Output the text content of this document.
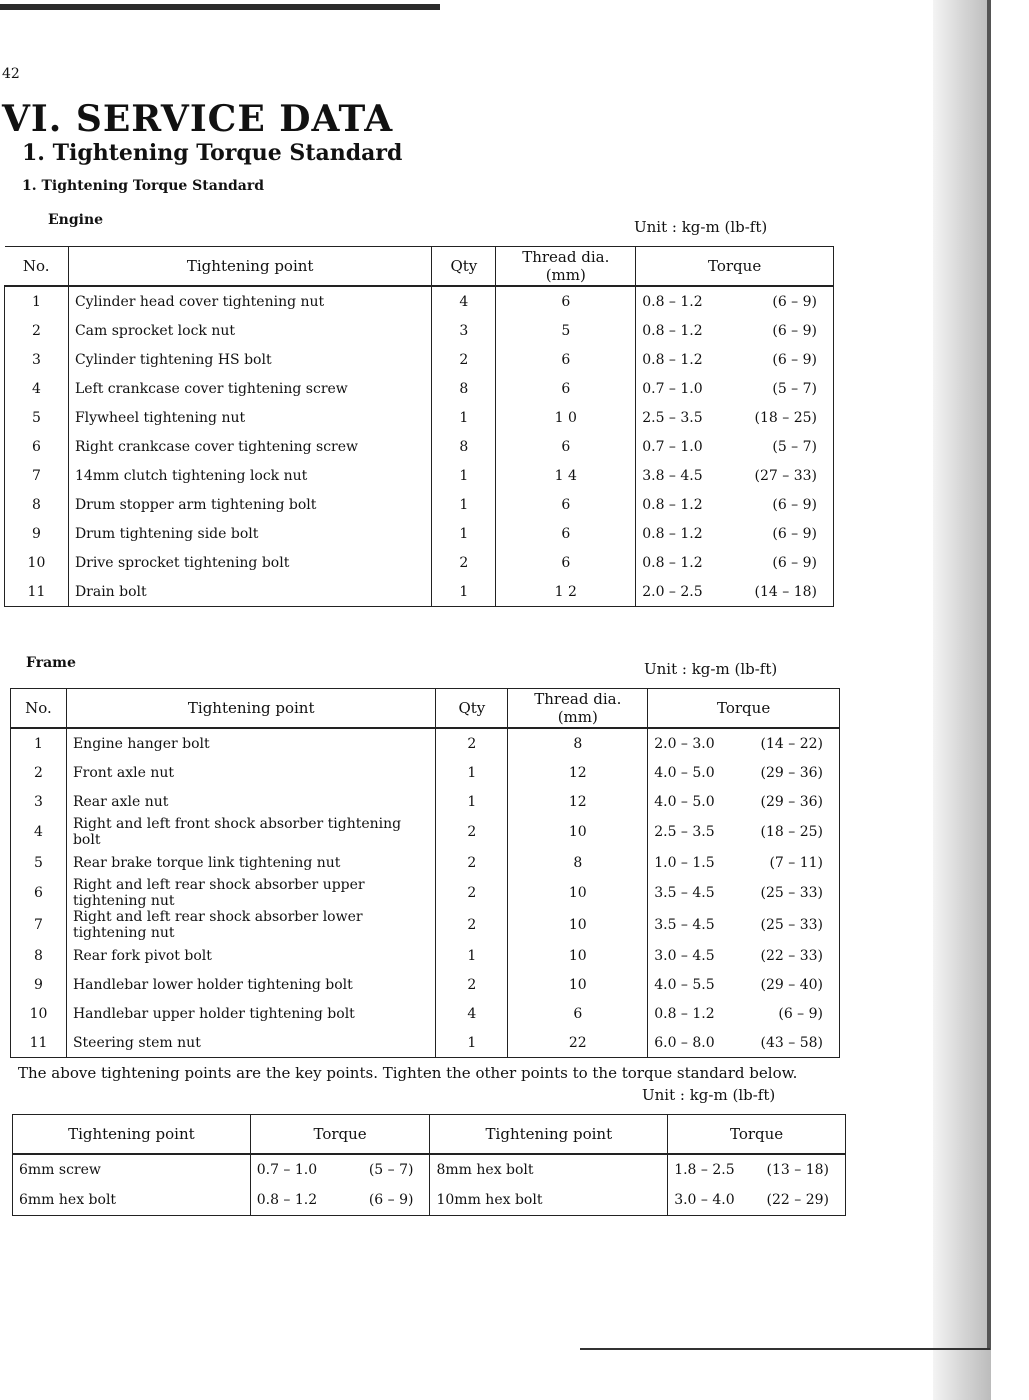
42
VI. SERVICE DATA
1. Tightening Torque Standard
1. Tightening Torque Standard
Engine	Unit : kg-m (lb-ft)
No.	Tightening point	Qty	Thread dia. (mm)	Torque
1	Cylinder head cover tightening nut	4	6	0.8 – 1.2 (6 – 9)

2	Cam sprocket lock nut	3	5	0.8 – 1.2 (6 – 9)

3	Cylinder tightening HS bolt	2	6	0.8 – 1.2 (6 – 9)

4	Left crankcase cover tightening screw	8	6	0.7 – 1.0 (5 – 7)

5	Flywheel tightening nut	1	1 0	2.5 – 3.5 (18 – 25)

6	Right crankcase cover tightening screw	8	6	0.7 – 1.0 (5 – 7)

7	14mm clutch tightening lock nut	1	1 4	3.8 – 4.5 (27 – 33)

8	Drum stopper arm tightening bolt	1	6	0.8 – 1.2 (6 – 9)

9	Drum tightening side bolt	1	6	0.8 – 1.2 (6 – 9)

10	Drive sprocket tightening bolt	2	6	0.8 – 1.2 (6 – 9)

11	Drain bolt	1	1 2	2.0 – 2.5 (14 – 18)
Frame	Unit : kg-m (lb-ft)
No.	Tightening point	Qty	Thread dia. (mm)	Torque
1	Engine hanger bolt	2	8	2.0 – 3.0 (14 – 22)

2	Front axle nut	1	12	4.0 – 5.0 (29 – 36)

3	Rear axle nut	1	12	4.0 – 5.0 (29 – 36)

4	Right and left front shock absorber tightening bolt	2	10	2.5 – 3.5 (18 – 25)

5	Rear brake torque link tightening nut	2	8	1.0 – 1.5 (7 – 11)

6	Right and left rear shock absorber upper tightening nut	2	10	3.5 – 4.5 (25 – 33)

7	Right and left rear shock absorber lower tightening nut	2	10	3.5 – 4.5 (25 – 33)

8	Rear fork pivot bolt	1	10	3.0 – 4.5 (22 – 33)

9	Handlebar lower holder tightening bolt	2	10	4.0 – 5.5 (29 – 40)

10	Handlebar upper holder tightening bolt	4	6	0.8 – 1.2 (6 – 9)

11	Steering stem nut	1	22	6.0 – 8.0 (43 – 58)
The above tightening points are the key points. Tighten the other points to the torque standard below.
Unit : kg-m (lb-ft)
Tightening point	Torque	Tightening point	Torque
6mm screw	0.7 – 1.0 (5 – 7)	8mm hex bolt	1.8 – 2.5 (13 – 18)

6mm hex bolt	0.8 – 1.2 (6 – 9)	10mm hex bolt	3.0 – 4.0 (22 – 29)
